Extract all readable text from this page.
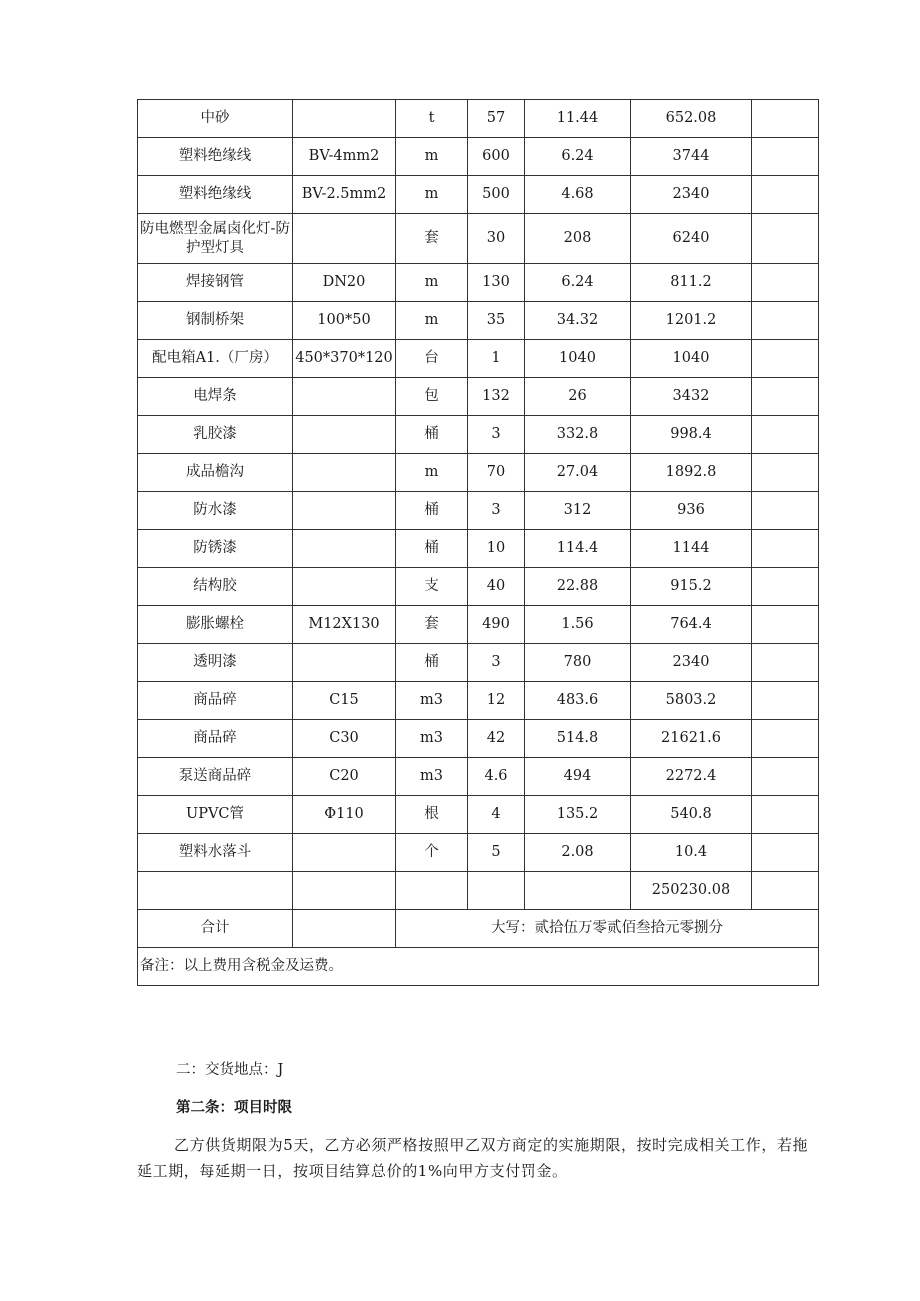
中砂		t	57	11.44	652.08	
塑料绝缘线	BV-4mm2	m	600	6.24	3744	
塑料绝缘线	BV-2.5mm2	m	500	4.68	2340	
防电燃型金属卤化灯-防护型灯具		套	30	208	6240	
焊接钢管	DN20	m	130	6.24	811.2	
钢制桥架	100*50	m	35	34.32	1201.2	
配电箱A1.（厂房）	450*370*120	台	1	1040	1040	
电焊条		包	132	26	3432	
乳胶漆		桶	3	332.8	998.4	
成品檐沟		m	70	27.04	1892.8	
防水漆		桶	3	312	936	
防锈漆		桶	10	114.4	1144	
结构胶		支	40	22.88	915.2	
膨胀螺栓	M12X130	套	490	1.56	764.4	
透明漆		桶	3	780	2340	
商品碎	C15	m3	12	483.6	5803.2	
商品碎	C30	m3	42	514.8	21621.6	
泵送商品碎	C20	m3	4.6	494	2272.4	
UPVC管	Φ110	根	4	135.2	540.8	
塑料水落斗		个	5	2.08	10.4	
					250230.08	
合计		大写：贰拾伍万零贰佰叁拾元零捌分				
备注：以上费用含税金及运费。						
二：交货地点：J
第二条：项目时限
乙方供货期限为5天，乙方必须严格按照甲乙双方商定的实施期限，按时完成相关工作，若拖延工期，每延期一日，按项目结算总价的1%向甲方支付罚金。
